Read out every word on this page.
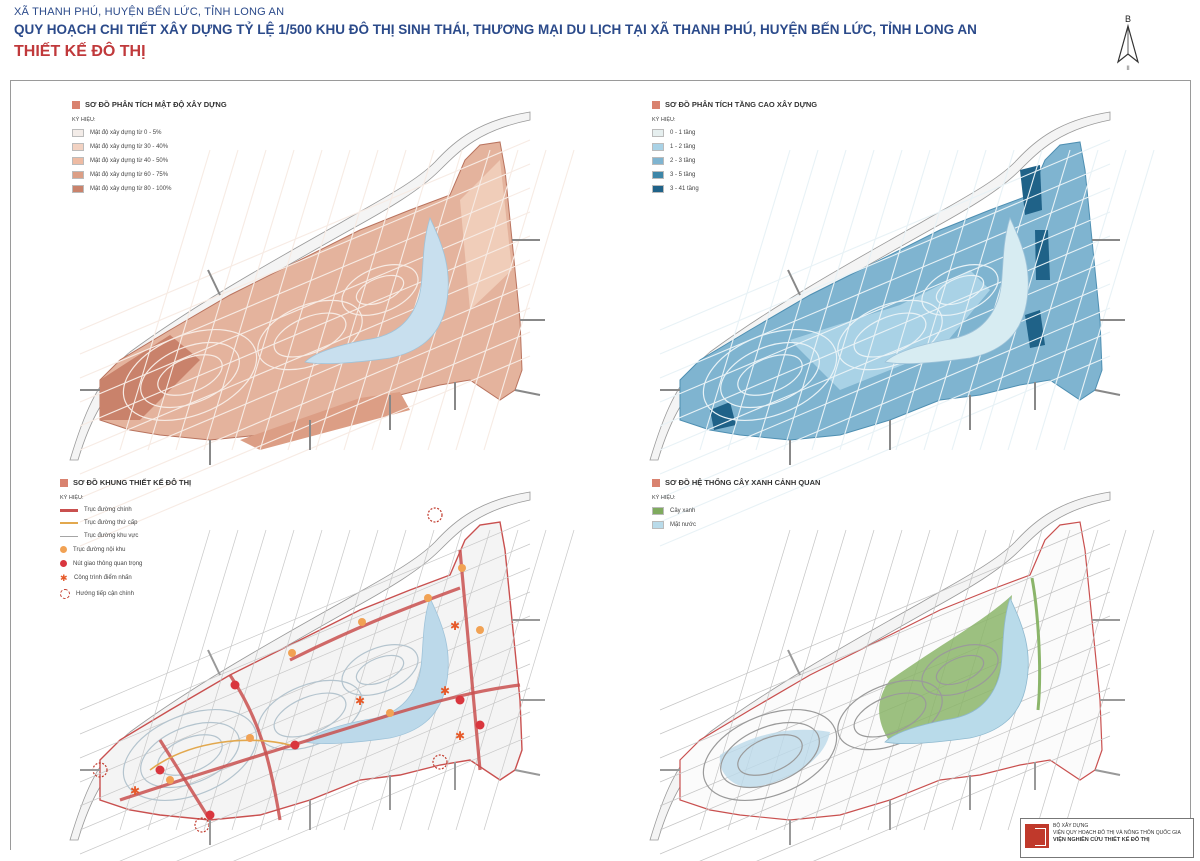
XÃ THANH PHÚ, HUYỆN BẾN LỨC, TỈNH LONG AN
QUY HOẠCH CHI TIẾT XÂY DỰNG TỶ LỆ 1/500 KHU ĐÔ THỊ SINH THÁI, THƯƠNG MẠI DU LỊCH TẠI XÃ THANH PHÚ, HUYỆN BẾN LỨC, TỈNH LONG AN
THIẾT KẾ ĐÔ THỊ
B
II
SƠ ĐỒ PHÂN TÍCH MẬT ĐỘ XÂY DỰNG
KÝ HIỆU:
Mật độ xây dựng từ 0 - 5%
Mật độ xây dựng từ 30 - 40%
Mật độ xây dựng từ 40 - 50%
Mật độ xây dựng từ 60 - 75%
Mật độ xây dựng từ 80 - 100%
SƠ ĐỒ PHÂN TÍCH TẦNG CAO XÂY DỰNG
KÝ HIỆU:
0 - 1 tầng
1 - 2 tầng
2 - 3 tầng
3 - 5 tầng
3 - 41 tầng
SƠ ĐỒ KHUNG THIẾT KẾ ĐÔ THỊ
KÝ HIỆU:
Trục đường chính
Trục đường thứ cấp
Trục đường khu vực
Trục đường nội khu
Nút giao thông quan trọng
✱ Công trình điểm nhấn
Hướng tiếp cận chính
✱
✱
✱
✱
✱
SƠ ĐỒ HỆ THỐNG CÂY XANH CẢNH QUAN
KÝ HIỆU:
Cây xanh
Mặt nước
BỘ XÂY DỰNG
VIỆN QUY HOẠCH ĐÔ THỊ VÀ NÔNG THÔN QUỐC GIA
VIỆN NGHIÊN CỨU THIẾT KẾ ĐÔ THỊ
